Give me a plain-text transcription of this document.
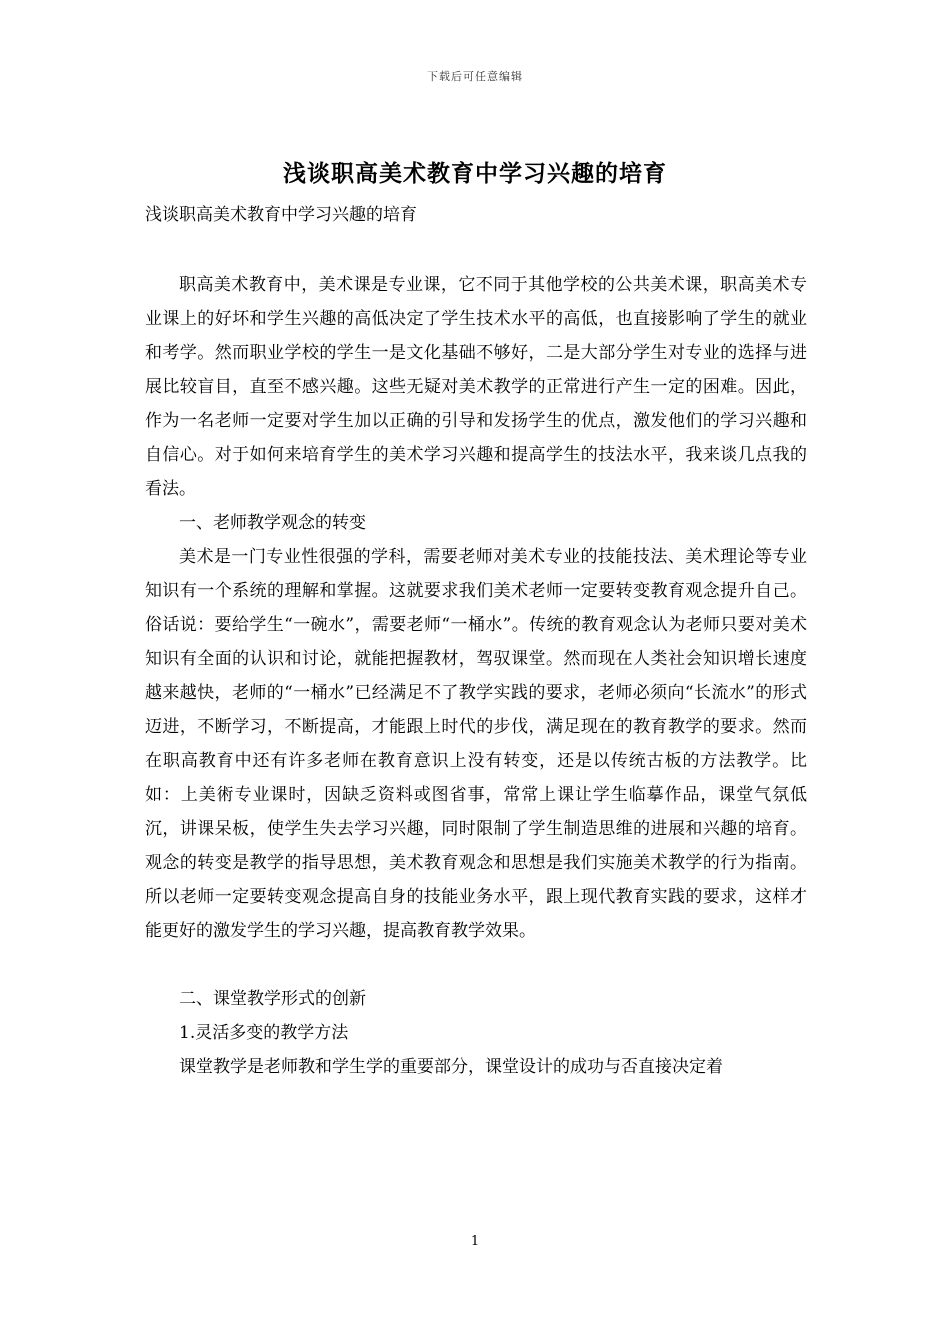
下载后可任意编辑
浅谈职高美术教育中学习兴趣的培育
浅谈职高美术教育中学习兴趣的培育

职高美术教育中，美术课是专业课，它不同于其他学校的公共美术课，职高美术专业课上的好坏和学生兴趣的高低决定了学生技术水平的高低，也直接影响了学生的就业和考学。然而职业学校的学生一是文化基础不够好，二是大部分学生对专业的选择与进展比较盲目，直至不感兴趣。这些无疑对美术教学的正常进行产生一定的困难。因此，作为一名老师一定要对学生加以正确的引导和发扬学生的优点，激发他们的学习兴趣和自信心。对于如何来培育学生的美术学习兴趣和提高学生的技法水平，我来谈几点我的看法。

一、老师教学观念的转变

美术是一门专业性很强的学科，需要老师对美术专业的技能技法、美术理论等专业知识有一个系统的理解和掌握。这就要求我们美术老师一定要转变教育观念提升自己。俗话说：要给学生“一碗水”，需要老师“一桶水”。传统的教育观念认为老师只要对美术知识有全面的认识和讨论，就能把握教材，驾驭课堂。然而现在人类社会知识增长速度越来越快，老师的“一桶水”已经满足不了教学实践的要求，老师必须向“长流水”的形式迈进，不断学习，不断提高，才能跟上时代的步伐，满足现在的教育教学的要求。然而在职高教育中还有许多老师在教育意识上没有转变，还是以传统古板的方法教学。比如：上美術专业课时，因缺乏资料或图省事，常常上课让学生临摹作品，课堂气氛低沉，讲课呆板，使学生失去学习兴趣，同时限制了学生制造思维的进展和兴趣的培育。观念的转变是教学的指导思想，美术教育观念和思想是我们实施美术教学的行为指南。所以老师一定要转变观念提高自身的技能业务水平，跟上现代教育实践的要求，这样才能更好的激发学生的学习兴趣，提高教育教学效果。

二、课堂教学形式的创新

1.灵活多变的教学方法

课堂教学是老师教和学生学的重要部分，课堂设计的成功与否直接决定着

1
